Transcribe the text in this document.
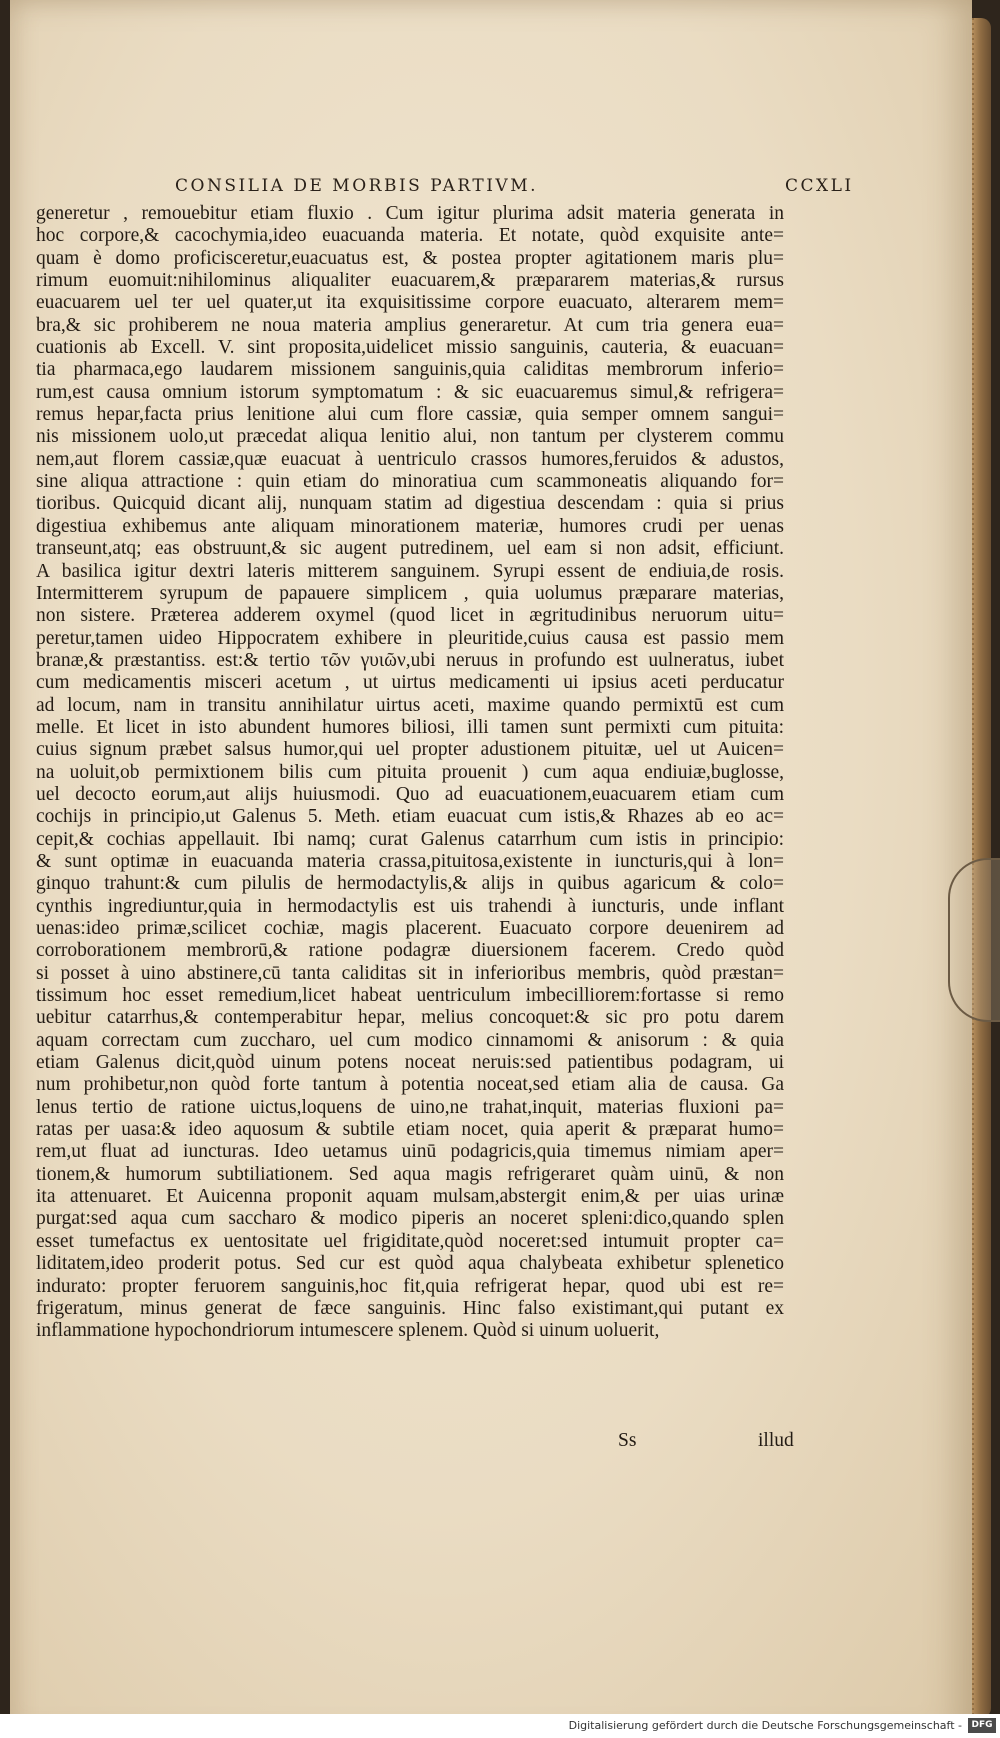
CONSILIA DE MORBIS PARTIVM.	CCXLI
generetur , remouebitur etiam fluxio . Cum igitur plurima adsit materia generata in
hoc corpore,& cacochymia,ideo euacuanda materia. Et notate, quòd exquisite ante=
quam è domo proficisceretur,euacuatus est, & postea propter agitationem maris plu=
rimum euomuit:nihilominus aliqualiter euacuarem,& præpararem materias,& rursus
euacuarem uel ter uel quater,ut ita exquisitissime corpore euacuato, alterarem mem=
bra,& sic prohiberem ne noua materia amplius generaretur. At cum tria genera eua=
cuationis ab Excell. V. sint proposita,uidelicet missio sanguinis, cauteria, & euacuan=
tia pharmaca,ego laudarem missionem sanguinis,quia caliditas membrorum inferio=
rum,est causa omnium istorum symptomatum : & sic euacuaremus simul,& refrigera=
remus hepar,facta prius lenitione alui cum flore cassiæ, quia semper omnem sangui=
nis missionem uolo,ut præcedat aliqua lenitio alui, non tantum per clysterem commu
nem,aut florem cassiæ,quæ euacuat à uentriculo crassos humores,feruidos & adustos,
sine aliqua attractione : quin etiam do minoratiua cum scammoneatis aliquando for=
tioribus. Quicquid dicant alij, nunquam statim ad digestiua descendam : quia si prius
digestiua exhibemus ante aliquam minorationem materiæ, humores crudi per uenas
transeunt,atq; eas obstruunt,& sic augent putredinem, uel eam si non adsit, efficiunt.
A basilica igitur dextri lateris mitterem sanguinem. Syrupi essent de endiuia,de rosis.
Intermitterem syrupum de papauere simplicem , quia uolumus præparare materias,
non sistere. Præterea adderem oxymel (quod licet in ægritudinibus neruorum uitu=
peretur,tamen uideo Hippocratem exhibere in pleuritide,cuius causa est passio mem
branæ,& præstantiss. est:& tertio τῶν γυιῶν,ubi neruus in profundo est uulneratus, iubet
cum medicamentis misceri acetum , ut uirtus medicamenti ui ipsius aceti perducatur
ad locum, nam in transitu annihilatur uirtus aceti, maxime quando permixtū est cum
melle. Et licet in isto abundent humores biliosi, illi tamen sunt permixti cum pituita:
cuius signum præbet salsus humor,qui uel propter adustionem pituitæ, uel ut Auicen=
na uoluit,ob permixtionem bilis cum pituita prouenit ) cum aqua endiuiæ,buglosse,
uel decocto eorum,aut alijs huiusmodi. Quo ad euacuationem,euacuarem etiam cum
cochijs in principio,ut Galenus 5. Meth. etiam euacuat cum istis,& Rhazes ab eo ac=
cepit,& cochias appellauit. Ibi namq; curat Galenus catarrhum cum istis in principio:
& sunt optimæ in euacuanda materia crassa,pituitosa,existente in iuncturis,qui à lon=
ginquo trahunt:& cum pilulis de hermodactylis,& alijs in quibus agaricum & colo=
cynthis ingrediuntur,quia in hermodactylis est uis trahendi à iuncturis, unde inflant
uenas:ideo primæ,scilicet cochiæ, magis placerent. Euacuato corpore deuenirem ad
corroborationem membrorū,& ratione podagræ diuersionem facerem. Credo quòd
si posset à uino abstinere,cū tanta caliditas sit in inferioribus membris, quòd præstan=
tissimum hoc esset remedium,licet habeat uentriculum imbecilliorem:fortasse si remo
uebitur catarrhus,& contemperabitur hepar, melius concoquet:& sic pro potu darem
aquam correctam cum zuccharo, uel cum modico cinnamomi & anisorum : & quia
etiam Galenus dicit,quòd uinum potens noceat neruis:sed patientibus podagram, ui
num prohibetur,non quòd forte tantum à potentia noceat,sed etiam alia de causa. Ga
lenus tertio de ratione uictus,loquens de uino,ne trahat,inquit, materias fluxioni pa=
ratas per uasa:& ideo aquosum & subtile etiam nocet, quia aperit & præparat humo=
rem,ut fluat ad iuncturas. Ideo uetamus uinū podagricis,quia timemus nimiam aper=
tionem,& humorum subtiliationem. Sed aqua magis refrigeraret quàm uinū, & non
ita attenuaret. Et Auicenna proponit aquam mulsam,abstergit enim,& per uias urinæ
purgat:sed aqua cum saccharo & modico piperis an noceret spleni:dico,quando splen
esset tumefactus ex uentositate uel frigiditate,quòd noceret:sed intumuit propter ca=
liditatem,ideo proderit potus. Sed cur est quòd aqua chalybeata exhibetur splenetico
indurato: propter feruorem sanguinis,hoc fit,quia refrigerat hepar, quod ubi est re=
frigeratum, minus generat de fæce sanguinis. Hinc falso existimant,qui putant ex
inflammatione hypochondriorum intumescere splenem. Quòd si uinum uoluerit,
Ss	illud
Digitalisierung gefördert durch die Deutsche Forschungsgemeinschaft -	DFG
